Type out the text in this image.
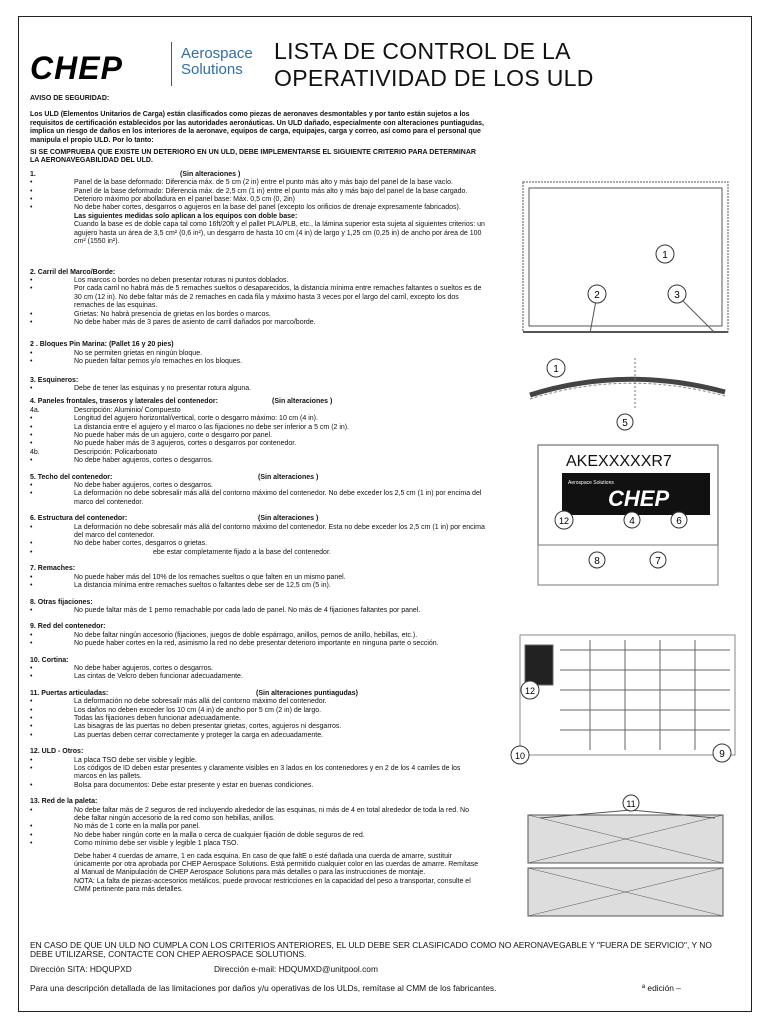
CHEP	Aerospace
Solutions
LISTA DE CONTROL DE LA
OPERATIVIDAD DE LOS ULD

AVISO DE SEGURIDAD:

Los ULD (Elementos Unitarios de Carga) están clasificados como piezas de aeronaves desmontables y por tanto están sujetos a los requisitos de certificación establecidos por las autoridades aeronáuticas. Un ULD dañado, especialmente con alteraciones puntiagudas, implica un riesgo de daños en los interiores de la aeronave, equipos de carga, equipajes, carga y correo, así como para el personal que manipula el propio ULD. Por lo tanto:

SI SE COMPRUEBA QUE EXISTE UN DETERIORO EN UN ULD, DEBE IMPLEMENTARSE EL SIGUIENTE CRITERIO PARA DETERMINAR LA AERONAVEGABILIDAD DEL ULD.

1.	(Sin alteraciones )
•	Panel de la base deformado: Diferencia máx. de 5 cm (2 in) entre el punto más alto y más bajo del panel de la base vacío.
•	Panel de la base deformado: Diferencia máx. de 2,5 cm (1 in) entre el punto más alto y más bajo del panel de la base cargado.
•	Deterioro máximo por abolladura en el panel base: Máx. 0,5 cm (0, 2in)
•	No debe haber cortes, desgarros o agujeros en la base del panel (excepto los orificios de drenaje expresamente fabricados).
Las siguientes medidas solo aplican a los equipos con doble base:
Cuando la base es de doble capa tal como 16ft/20ft y el pallet PLA/PLB, etc., la lámina superior esta sujeta al siguientes criterios: un agujero hasta un área de 3,5 cm² (0,6 in²), un desgarro de hasta 10 cm (4 in) de largo y 1,25 cm (0,25 in) de ancho por área de 100 cm² (1550 in²).

2. Carril del Marco/Borde:

•	Los marcos o bordes no deben presentar roturas ni puntos doblados.
•	Por cada carril no habrá más de 5 remaches sueltos o desaparecidos, la distancia mínima entre remaches faltantes o sueltos es de 30 cm (12 in). No debe faltar más de 2 remaches en cada fila y máximo hasta 3 veces por el largo del carril, excepto los dos remaches de las esquinas.
•	Grietas: No habrá presencia de grietas en los bordes o marcos.
•	No debe haber más de 3 pares de asiento de carril dañados por marco/borde.

2 . Bloques Pin Marina: (Pallet 16 y 20 pies)

•	No se permiten grietas en ningún bloque.
•	No pueden faltar pernos y/o remaches en los bloques.

3. Esquineros:

•	Debe de tener las esquinas y no presentar rotura alguna.
4. Paneles frontales, traseros y laterales del contenedor:	(Sin alteraciones )
4a.	Descripción: Aluminio/ Compuesto
•	Longitud del agujero horizontal/vertical, corte o desgarro máximo: 10 cm (4 in).
•	La distancia entre el agujero y el marco o las fijaciones no debe ser inferior a 5 cm (2 in).
•	No puede haber más de un agujero, corte o desgarro por panel.
•	No puede haber más de 3 agujeros, cortes o desgarros por contenedor.
4b.	Descripción: Policarbonato
•	No debe haber agujeros, cortes o desgarros.
5. Techo del contenedor:	(Sin alteraciones )
•	No debe haber agujeros, cortes o desgarros.
•	La deformación no debe sobresalir más allá del contorno máximo del contenedor. No debe exceder los 2,5 cm (1 in) por encima del marco del contenedor.
6. Estructura del contenedor:	(Sin alteraciones )
•	La deformación no debe sobresalir más allá del contorno máximo del contenedor. Esta no debe exceder los 2,5 cm (1 in) por encima del marco del contenedor.
•	No debe haber cortes, desgarros o grietas.
•	ebe estar completamente fijado a la base del contenedor.

7. Remaches:

•	No puede haber más del 10% de los remaches sueltos o que falten en un mismo panel.
•	La distancia mínima entre remaches sueltos o faltantes debe ser de 12,5 cm (5 in).

8. Otras fijaciones:

•	No puede faltar más de 1 perno remachable por cada lado de panel. No más de 4 fijaciones faltantes por panel.

9. Red del contenedor:

•	No debe faltar ningún accesorio (fijaciones, juegos de doble espárrago, anillos, pernos de anillo, hebillas, etc.).
•	No puede haber cortes en la red, asimismo la red no debe presentar deterioro importante en ninguna parte o sección.

10. Cortina:

•	No debe haber agujeros, cortes o desgarros.
•	Las cintas de Velcro deben funcionar adecuadamente.
11. Puertas articuladas:	(Sin alteraciones puntiagudas)
•	La deformación no debe sobresalir más allá del contorno máximo del contenedor.
•	Los daños no deben exceder los 10 cm (4 in) de ancho por 5 cm (2 in) de largo.
•	Todas las fijaciones deben funcionar adecuadamente.
•	Las bisagras de las puertas no deben presentar grietas, cortes, agujeros ni desgarros.
•	Las puertas deben cerrar correctamente y proteger la carga en adecuadamente.

12. ULD - Otros:

•	La placa TSO debe ser visible y legible.
•	Los códigos de ID deben estar presentes y claramente visibles en 3 lados en los contenedores y en 2 de los 4 carriles de los marcos en las pallets.
•	Bolsa para documentos: Debe estar presente y estar en buenas condiciones.

13. Red de la paleta:

•	No debe faltar más de 2 seguros de red incluyendo alrededor de las esquinas, ni más de 4 en total alrededor de toda la red. No debe faltar ningún accesorio de la red como son hebillas, anillos.
•	No más de 1 corte en la malla por panel.
•	No debe haber ningún corte en la malla o cerca de cualquier fijación de doble seguros de red.
•	Como mínimo debe ser visible y legible 1 placa TSO.
Debe haber 4 cuerdas de amarre, 1 en cada esquina. En caso de que faltE o esté dañada una cuerda de amarre, sustituir únicamente por otra aprobada por CHEP Aerospace Solutions. Está permitido cualquier color en las cuerdas de amarre. Remítase al Manual de Manipulación de CHEP Aerospace Solutions para más detalles o para las instrucciones de montaje.
NOTA: La falta de piezas-accesorios metálicos, puede provocar restricciones en la capacidad del peso a transportar, consulte el CMM pertinente para más detalles.
EN CASO DE QUE UN ULD NO CUMPLA CON LOS CRITERIOS ANTERIORES, EL ULD DEBE SER CLASIFICADO COMO NO AERONAVEGABLE Y "FUERA DE SERVICIO", Y NO DEBE UTILIZARSE, CONTACTE CON CHEP AEROSPACE SOLUTIONS.
Dirección SITA: HDQUPXD	Dirección e-mail: HDQUMXD@unitpool.com
Para una descripción detallada de las limitaciones por daños y/u operativas de los ULDs, remítase al CMM de los fabricantes.	ª edición –
1
2	3
1
AKEXXXXXR7
Aerospace Solutions
CHEP
5
12	4	6
8	7
12
10	9
11
